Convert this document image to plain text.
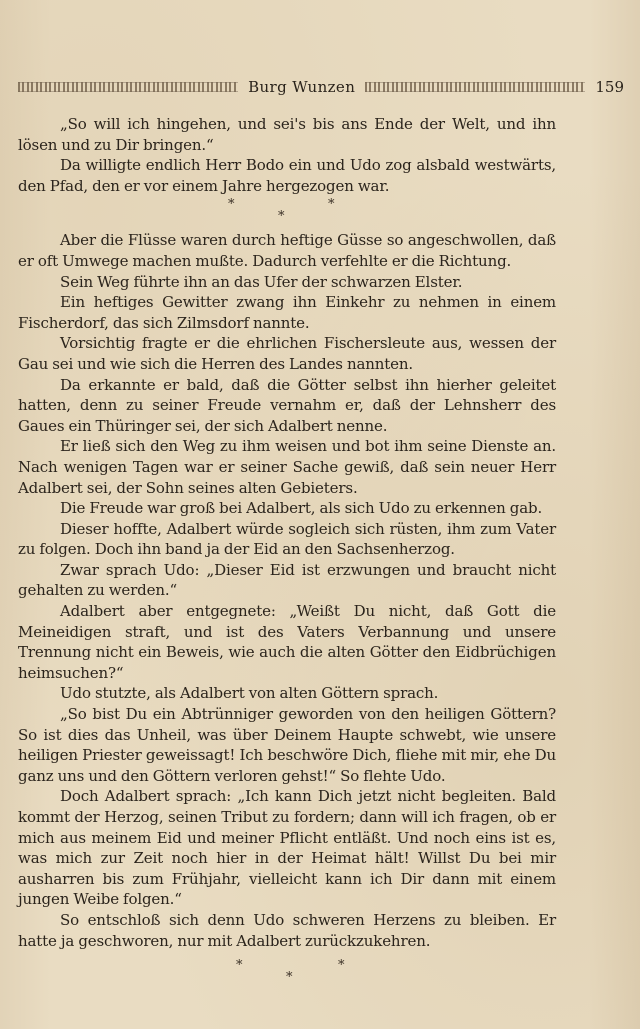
Burg Wunzen	159

„So will ich hingehen, und sei's bis ans Ende der Welt, und ihn lösen und zu Dir bringen.“

Da willigte endlich Herr Bodo ein und Udo zog alsbald westwärts, den Pfad, den er vor einem Jahre hergezogen war.

*
*
*

Aber die Flüsse waren durch heftige Güsse so angeschwollen, daß er oft Umwege machen mußte. Dadurch verfehlte er die Richtung.

Sein Weg führte ihn an das Ufer der schwarzen Elster.

Ein heftiges Gewitter zwang ihn Einkehr zu nehmen in einem Fischerdorf, das sich Zilmsdorf nannte.

Vorsichtig fragte er die ehrlichen Fischersleute aus, wessen der Gau sei und wie sich die Herren des Landes nannten.

Da erkannte er bald, daß die Götter selbst ihn hierher geleitet hatten, denn zu seiner Freude vernahm er, daß der Lehnsherr des Gaues ein Thüringer sei, der sich Adalbert nenne.

Er ließ sich den Weg zu ihm weisen und bot ihm seine Dienste an. Nach wenigen Tagen war er seiner Sache gewiß, daß sein neuer Herr Adalbert sei, der Sohn seines alten Gebieters.

Die Freude war groß bei Adalbert, als sich Udo zu erkennen gab.

Dieser hoffte, Adalbert würde sogleich sich rüsten, ihm zum Vater zu folgen. Doch ihn band ja der Eid an den Sachsenherzog.

Zwar sprach Udo: „Dieser Eid ist erzwungen und braucht nicht gehalten zu werden.“

Adalbert aber entgegnete: „Weißt Du nicht, daß Gott die Meineidigen straft, und ist des Vaters Verbannung und unsere Trennung nicht ein Beweis, wie auch die alten Götter den Eidbrüchigen heimsuchen?“

Udo stutzte, als Adalbert von alten Göttern sprach.

„So bist Du ein Abtrünniger geworden von den heiligen Göttern? So ist dies das Unheil, was über Deinem Haupte schwebt, wie unsere heiligen Priester geweissagt! Ich beschwöre Dich, fliehe mit mir, ehe Du ganz uns und den Göttern verloren gehst!“ So flehte Udo.

Doch Adalbert sprach: „Ich kann Dich jetzt nicht begleiten. Bald kommt der Herzog, seinen Tribut zu fordern; dann will ich fragen, ob er mich aus meinem Eid und meiner Pflicht entläßt. Und noch eins ist es, was mich zur Zeit noch hier in der Heimat hält! Willst Du bei mir ausharren bis zum Frühjahr, vielleicht kann ich Dir dann mit einem jungen Weibe folgen.“

So entschloß sich denn Udo schweren Herzens zu bleiben. Er hatte ja geschworen, nur mit Adalbert zurückzukehren.

*
*
*
